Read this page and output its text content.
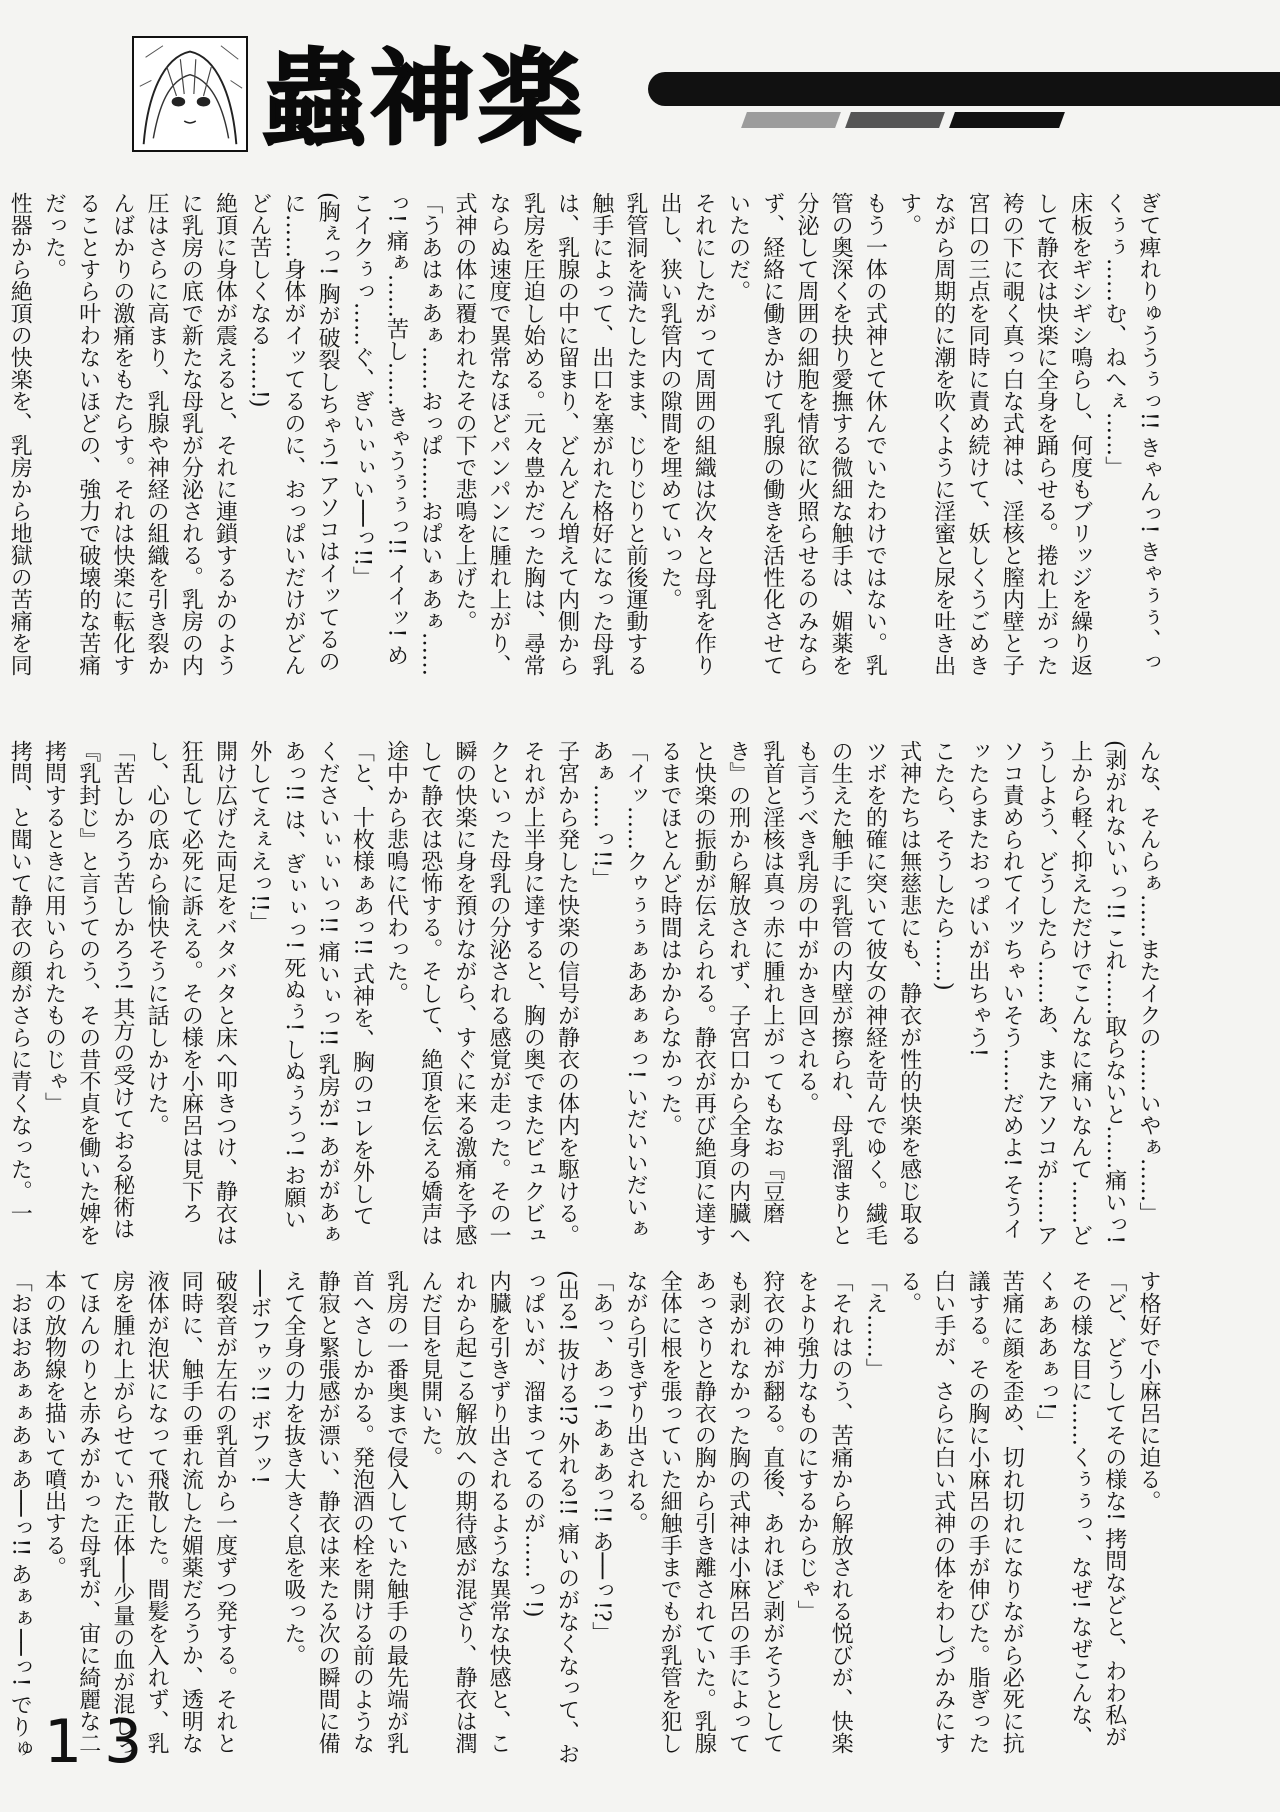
蟲神楽

ぎて痺れりゅううぅっ!! きゃんっ! きゃぅぅ、っくぅぅ……む、ねへぇ……」
床板をギシギシ鳴らし、何度もブリッジを繰り返して静衣は快楽に全身を踊らせる。捲れ上がった袴の下に覗く真っ白な式神は、淫核と膣内壁と子宮口の三点を同時に責め続けて、妖しくうごめきながら周期的に潮を吹くように淫蜜と尿を吐き出す。
もう一体の式神とて休んでいたわけではない。乳管の奥深くを抉り愛撫する微細な触手は、媚薬を分泌して周囲の細胞を情欲に火照らせるのみならず、経絡に働きかけて乳腺の働きを活性化させていたのだ。
それにしたがって周囲の組織は次々と母乳を作り出し、狭い乳管内の隙間を埋めていった。
乳管洞を満たしたまま、じりじりと前後運動する触手によって、出口を塞がれた格好になった母乳は、乳腺の中に留まり、どんどん増えて内側から乳房を圧迫し始める。元々豊かだった胸は、尋常ならぬ速度で異常なほどパンパンに腫れ上がり、式神の体に覆われたその下で悲鳴を上げた。
「うあはぁあぁ……おっぱ……おぱいぁあぁ……っ! 痛ぁ……苦し……きゃうぅぅっ!! イイッ! めこイクぅっ……ぐ、ぎいぃぃい──っ!!」
(胸ぇっ! 胸が破裂しちゃう! アソコはイッてるのに……身体がイッてるのに、おっぱいだけがどんどん苦しくなる……!)
絶頂に身体が震えると、それに連鎖するかのように乳房の底で新たな母乳が分泌される。乳房の内圧はさらに高まり、乳腺や神経の組織を引き裂かんばかりの激痛をもたらす。それは快楽に転化することすら叶わないほどの、強力で破壊的な苦痛だった。
性器から絶頂の快楽を、乳房から地獄の苦痛を同

んな、そんらぁ……またイクの……いやぁ……」
(剥がれないぃっ!! これ……取らないと……痛いっ! 上から軽く抑えただけでこんなに痛いなんて……どうしよう、どうしたら……あ、またアソコが……アソコ責められてイッちゃいそう……だめよ! そうイッたらまたおっぱいが出ちゃう!
こたら、そうしたら……)
式神たちは無慈悲にも、静衣が性的快楽を感じ取るツボを的確に突いて彼女の神経を苛んでゆく。繊毛の生えた触手に乳管の内壁が擦られ、母乳溜まりとも言うべき乳房の中がかき回される。
乳首と淫核は真っ赤に腫れ上がってもなお『豆磨き』の刑から解放されず、子宮口から全身の内臓へと快楽の振動が伝えられる。静衣が再び絶頂に達するまでほとんど時間はかからなかった。
「イッ……クゥぅぅぁああぁぁっ! いだいいだいぁあぁ……っ!!」
子宮から発した快楽の信号が静衣の体内を駆ける。それが上半身に達すると、胸の奥でまたビュクビュクといった母乳の分泌される感覚が走った。その一瞬の快楽に身を預けながら、すぐに来る激痛を予感して静衣は恐怖する。そして、絶頂を伝える嬌声は途中から悲鳴に代わった。
「と、十枚様ぁあっ!! 式神を、胸のコレを外してくださいぃぃいっ!! 痛いぃっ!! 乳房が! あががあぁあっ!! は、ぎぃぃっ! 死ぬぅ! しぬぅうっ! お願い外してえぇえっ!!」
開け広げた両足をバタバタと床へ叩きつけ、静衣は狂乱して必死に訴える。その様を小麻呂は見下ろし、心の底から愉快そうに話しかけた。
「苦しかろう苦しかろう! 其方の受けておる秘術は『乳封じ』と言うてのう、その昔不貞を働いた婢を拷問するときに用いられたものじゃ」
拷問、と聞いて静衣の顔がさらに青くなった。一

す格好で小麻呂に迫る。
「ど、どうしてその様な! 拷問などと、わわ私がその様な目に……くぅぅっ、なぜ! なぜこんな、くぁああぁっ!」
苦痛に顔を歪め、切れ切れになりながら必死に抗議する。その胸に小麻呂の手が伸びた。脂ぎった白い手が、さらに白い式神の体をわしづかみにする。
「え……」
「それはのう、苦痛から解放される悦びが、快楽をより強力なものにするからじゃ」
狩衣の神が翻る。直後、あれほど剥がそうとしても剥がれなかった胸の式神は小麻呂の手によってあっさりと静衣の胸から引き離されていた。乳腺全体に根を張っていた細触手までもが乳管を犯しながら引きずり出される。
「あっ、あっ! あぁあっ!! あ──っ!?」
(出る! 抜ける!? 外れる!! 痛いのがなくなって、おっぱいが、溜まってるのが……っ!)
内臓を引きずり出されるような異常な快感と、これから起こる解放への期待感が混ざり、静衣は潤んだ目を見開いた。
乳房の一番奥まで侵入していた触手の最先端が乳首へさしかかる。発泡酒の栓を開ける前のような静寂と緊張感が漂い、静衣は来たる次の瞬間に備えて全身の力を抜き大きく息を吸った。
──ボフゥッ!! ボフッ!
破裂音が左右の乳首から一度ずつ発する。それと同時に、触手の垂れ流した媚薬だろうか、透明な液体が泡状になって飛散した。間髪を入れず、乳房を腫れ上がらせていた正体──少量の血が混じってほんのりと赤みがかった母乳が、宙に綺麗な二本の放物線を描いて噴出する。
「おほおあぁぁあぁあ──っ!! あぁぁ──っ! でりゅ 13
